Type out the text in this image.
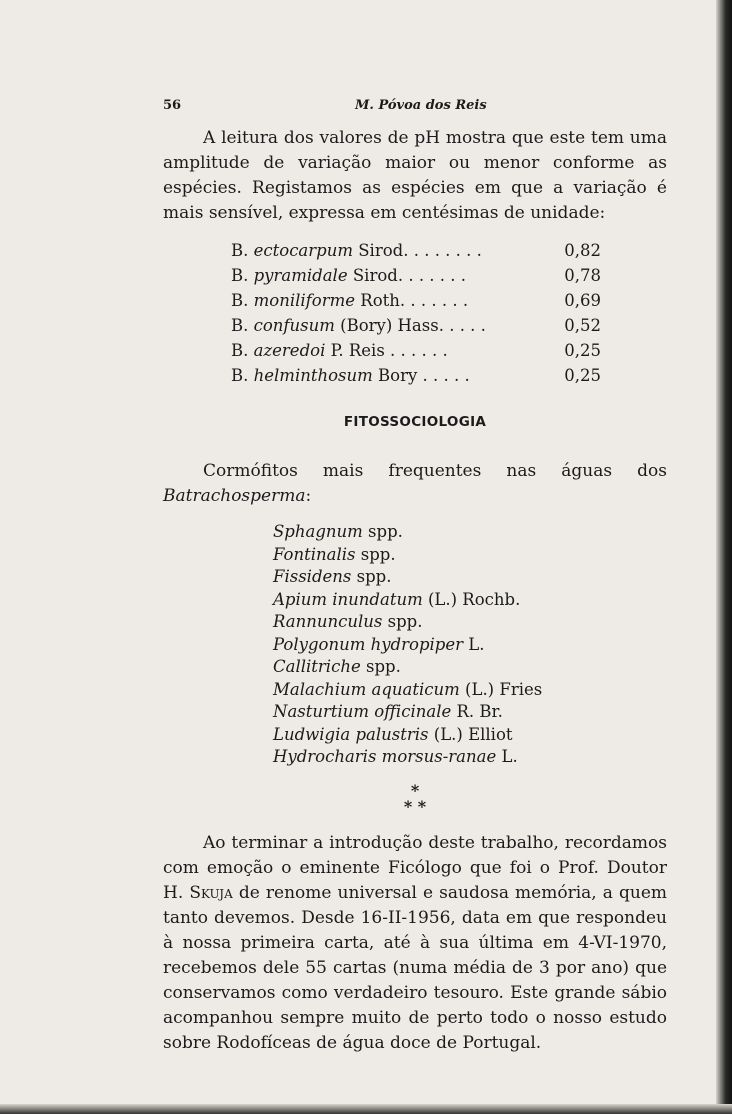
56	M. Póvoa dos Reis

A leitura dos valores de pH mostra que este tem uma amplitude de variação maior ou menor conforme as espécies. Registamos as espécies em que a variação é mais sensível, expressa em centésimas de unidade:

B. ectocarpum Sirod. . . . . . . .	0,82
B. pyramidale Sirod. . . . . . .	0,78
B. moniliforme Roth. . . . . . .	0,69
B. confusum (Bory) Hass. . . . .	0,52
B. azeredoi P. Reis . . . . . .	0,25
B. helminthosum Bory . . . . .	0,25
FITOSSOCIOLOGIA

Cormófitos mais frequentes nas águas dos Batrachosperma:

Sphagnum spp.
Fontinalis spp.
Fissidens spp.
Apium inundatum (L.) Rochb.
Rannunculus spp.
Polygonum hydropiper L.
Callitriche spp.
Malachium aquaticum (L.) Fries
Nasturtium officinale R. Br.
Ludwigia palustris (L.) Elliot
Hydrocharis morsus-ranae L.
*
* *

Ao terminar a introdução deste trabalho, recordamos com emoção o eminente Ficólogo que foi o Prof. Doutor H. Skuja de renome universal e saudosa memória, a quem tanto devemos. Desde 16-II-1956, data em que respondeu à nossa primeira carta, até à sua última em 4-VI-1970, recebemos dele 55 cartas (numa média de 3 por ano) que conservamos como verdadeiro tesouro. Este grande sábio acompanhou sempre muito de perto todo o nosso estudo sobre Rodofíceas de água doce de Portugal.
